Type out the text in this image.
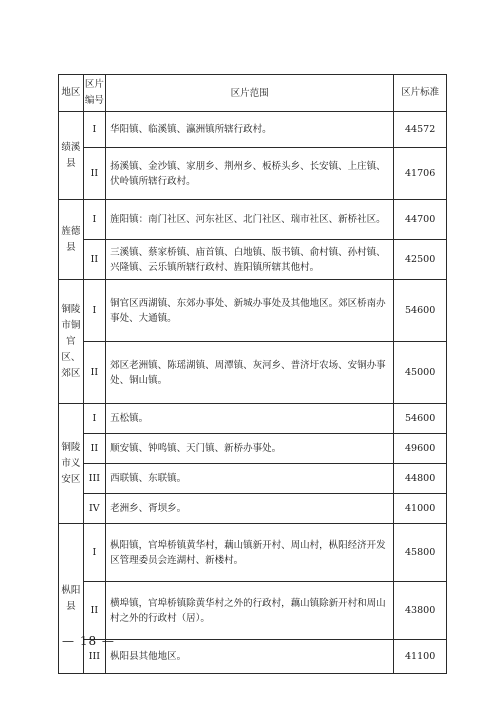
地区	区片编号	区片范围	区片标准

绩溪县	I	华阳镇、临溪镇、瀛洲镇所辖行政村。	44572
	II	扬溪镇、金沙镇、家朋乡、荆州乡、板桥头乡、长安镇、上庄镇、伏岭镇所辖行政村。	41706

旌德县	I	旌阳镇：南门社区、河东社区、北门社区、瑞市社区、新桥社区。	44700
	II	三溪镇、蔡家桥镇、庙首镇、白地镇、版书镇、俞村镇、孙村镇、兴隆镇、云乐镇所辖行政村、旌阳镇所辖其他村。	42500

铜陵市铜官区、郊区	I	铜官区西湖镇、东郊办事处、新城办事处及其他地区。郊区桥南办事处、大通镇。	54600
	II	郊区老洲镇、陈瑶湖镇、周潭镇、灰河乡、普济圩农场、安铜办事处、铜山镇。	45000

铜陵市义安区	I	五松镇。	54600
	II	顺安镇、钟鸣镇、天门镇、新桥办事处。	49600
	III	西联镇、东联镇。	44800
	IV	老洲乡、胥坝乡。	41000

枞阳县	I	枞阳镇，官埠桥镇黄华村，藕山镇新开村、周山村，枞阳经济开发区管理委员会连湖村、新楼村。	45800
	II	横埠镇，官埠桥镇除黄华村之外的行政村，藕山镇除新开村和周山村之外的行政村（居）。	43800
	III	枞阳县其他地区。	41100
— 18 —
